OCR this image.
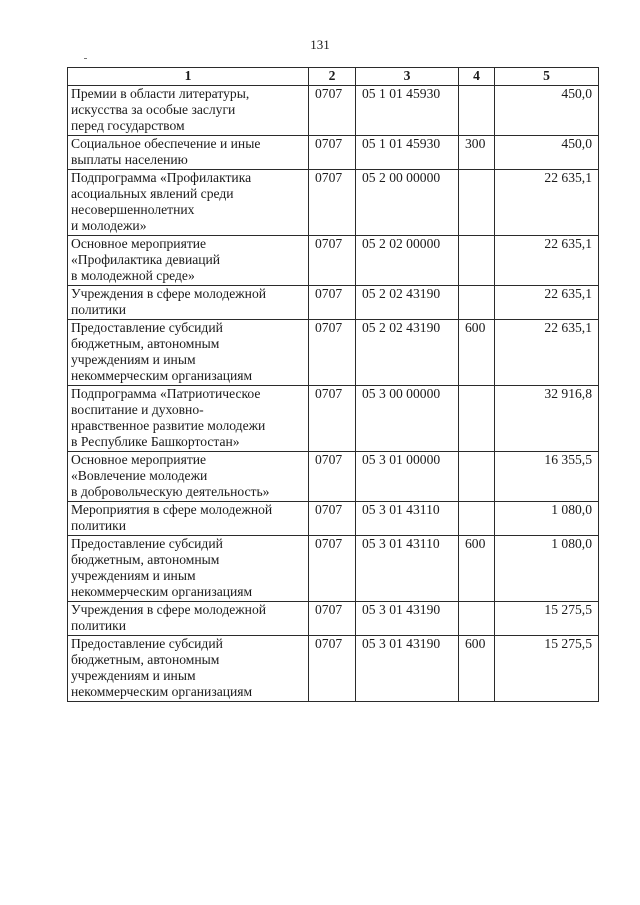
131
1	2	3	4	5

Премии в области литературы,
искусства за особые заслуги
перед государством	0707	05 1 01 45930		450,0

Социальное обеспечение и иные
выплаты населению	0707	05 1 01 45930	300	450,0

Подпрограмма «Профилактика
асоциальных явлений среди
несовершеннолетних
и молодежи»	0707	05 2 00 00000		22 635,1

Основное мероприятие
«Профилактика девиаций
в молодежной среде»	0707	05 2 02 00000		22 635,1

Учреждения в сфере молодежной
политики	0707	05 2 02 43190		22 635,1

Предоставление субсидий
бюджетным, автономным
учреждениям и иным
некоммерческим организациям	0707	05 2 02 43190	600	22 635,1

Подпрограмма «Патриотическое
воспитание и духовно-
нравственное развитие молодежи
в Республике Башкортостан»	0707	05 3 00 00000		32 916,8

Основное мероприятие
«Вовлечение молодежи
в добровольческую деятельность»	0707	05 3 01 00000		16 355,5

Мероприятия в сфере молодежной
политики	0707	05 3 01 43110		1 080,0

Предоставление субсидий
бюджетным, автономным
учреждениям и иным
некоммерческим организациям	0707	05 3 01 43110	600	1 080,0

Учреждения в сфере молодежной
политики	0707	05 3 01 43190		15 275,5

Предоставление субсидий
бюджетным, автономным
учреждениям и иным
некоммерческим организациям	0707	05 3 01 43190	600	15 275,5
